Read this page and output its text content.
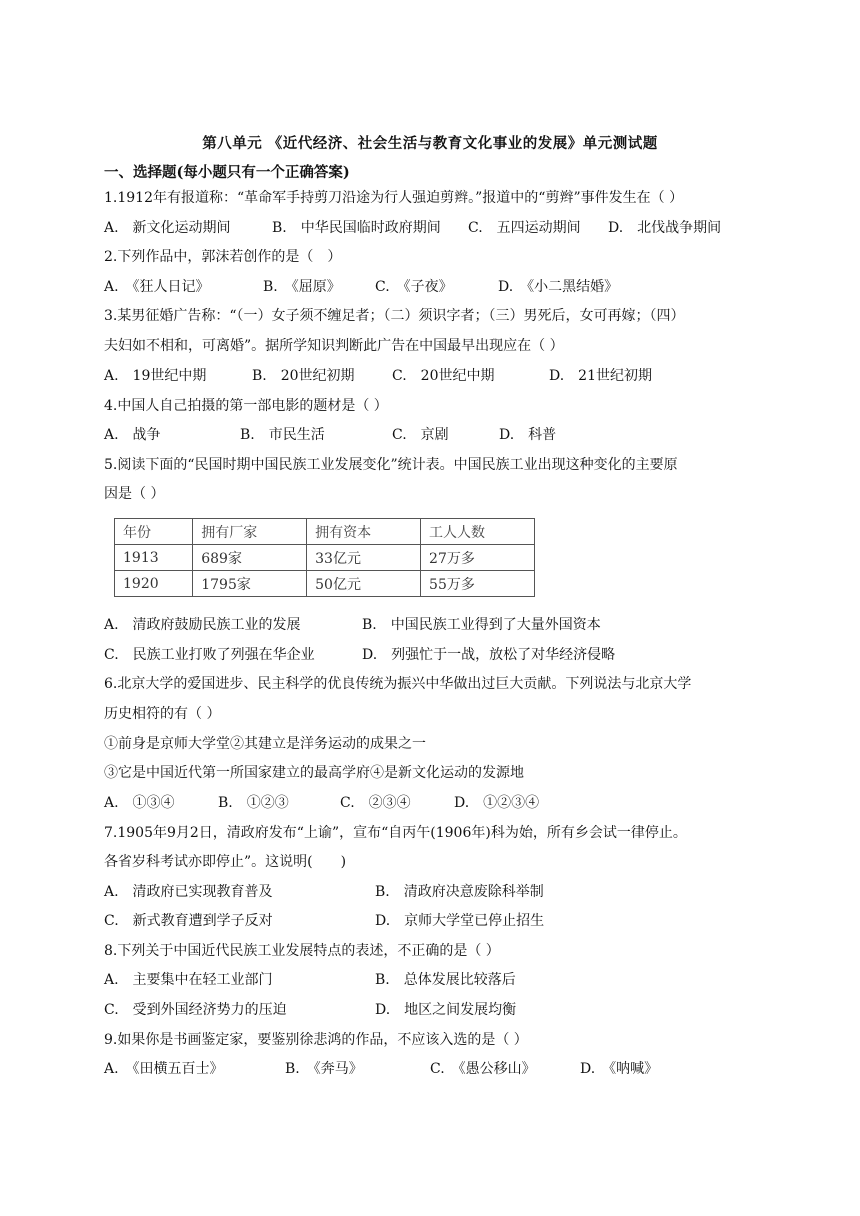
第八单元 《近代经济、社会生活与教育文化事业的发展》单元测试题
一、选择题(每小题只有一个正确答案)
1.1912年有报道称：“革命军手持剪刀沿途为行人强迫剪辫。”报道中的“剪辫”事件发生在（ ）
A.　新文化运动期间	B.　中华民国临时政府期间 C.　五四运动期间 D.　北伐战争期间
2.下列作品中，郭沫若创作的是（　）
A.　《狂人日记》	B.　《屈原》 C.　《子夜》	D.　《小二黑结婚》
3.某男征婚广告称：“（一）女子须不缠足者；（二）须识字者；（三）男死后，女可再嫁；（四）
夫妇如不相和，可离婚”。据所学知识判断此广告在中国最早出现应在（ ）
A.　19世纪中期	B.　20世纪初期	C.　20世纪中期	D.　21世纪初期
4.中国人自己拍摄的第一部电影的题材是（ ）
A.　战争	B.　市民生活	C.　京剧	D.　科普
5.阅读下面的“民国时期中国民族工业发展变化”统计表。中国民族工业出现这种变化的主要原
因是（ ）
年份	拥有厂家	拥有资本	工人人数
1913	689家	33亿元	27万多
1920	1795家	50亿元	55万多
A.　清政府鼓励民族工业的发展	B.　中国民族工业得到了大量外国资本
C.　民族工业打败了列强在华企业	D.　列强忙于一战，放松了对华经济侵略
6.北京大学的爱国进步、民主科学的优良传统为振兴中华做出过巨大贡献。下列说法与北京大学
历史相符的有（ ）
①前身是京师大学堂②其建立是洋务运动的成果之一
③它是中国近代第一所国家建立的最高学府④是新文化运动的发源地
A.　①③④	B.　①②③	C.　②③④	D.　①②③④
7.1905年9月2日，清政府发布“上谕”，宣布“自丙午(1906年)科为始，所有乡会试一律停止。
各省岁科考试亦即停止”。这说明(　　)
A.　清政府已实现教育普及	B.　清政府决意废除科举制
C.　新式教育遭到学子反对	D.　京师大学堂已停止招生
8.下列关于中国近代民族工业发展特点的表述，不正确的是（ ）
A.　主要集中在轻工业部门	B.　总体发展比较落后
C.　受到外国经济势力的压迫	D.　地区之间发展均衡
9.如果你是书画鉴定家，要鉴别徐悲鸿的作品，不应该入选的是（ ）
A.　《田横五百士》	B.　《奔马》	C.　《愚公移山》	D.　《呐喊》
